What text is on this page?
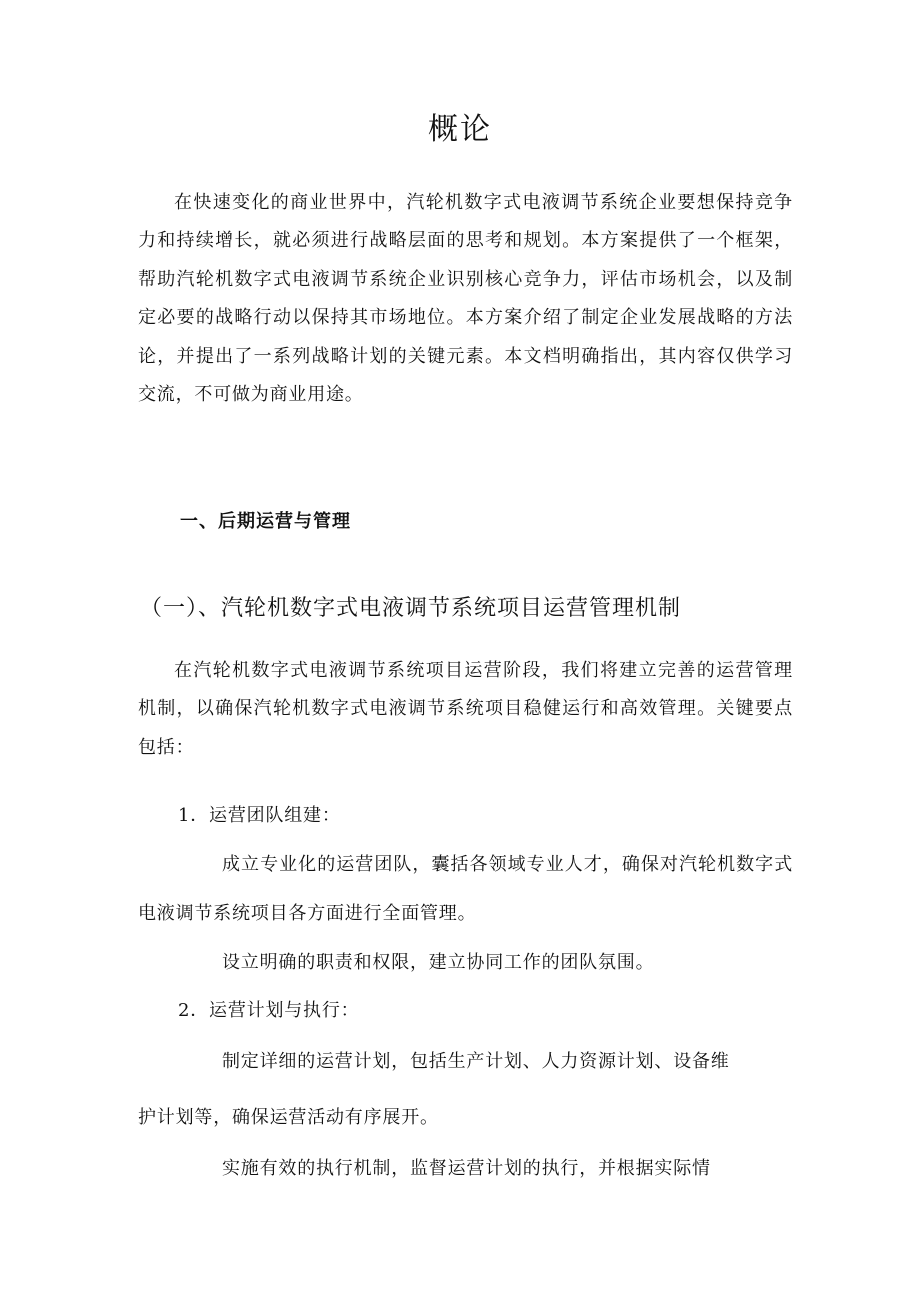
概论

在快速变化的商业世界中，汽轮机数字式电液调节系统企业要想保持竞争力和持续增长，就必须进行战略层面的思考和规划。本方案提供了一个框架，帮助汽轮机数字式电液调节系统企业识别核心竞争力，评估市场机会，以及制定必要的战略行动以保持其市场地位。本方案介绍了制定企业发展战略的方法论，并提出了一系列战略计划的关键元素。本文档明确指出，其内容仅供学习交流，不可做为商业用途。

一、后期运营与管理
（一）、汽轮机数字式电液调节系统项目运营管理机制

在汽轮机数字式电液调节系统项目运营阶段，我们将建立完善的运营管理机制，以确保汽轮机数字式电液调节系统项目稳健运行和高效管理。关键要点包括：

1．运营团队组建：

成立专业化的运营团队，囊括各领域专业人才，确保对汽轮机数字式电液调节系统项目各方面进行全面管理。

设立明确的职责和权限，建立协同工作的团队氛围。

2．运营计划与执行：

制定详细的运营计划，包括生产计划、人力资源计划、设备维护计划等，确保运营活动有序展开。

实施有效的执行机制，监督运营计划的执行，并根据实际情
